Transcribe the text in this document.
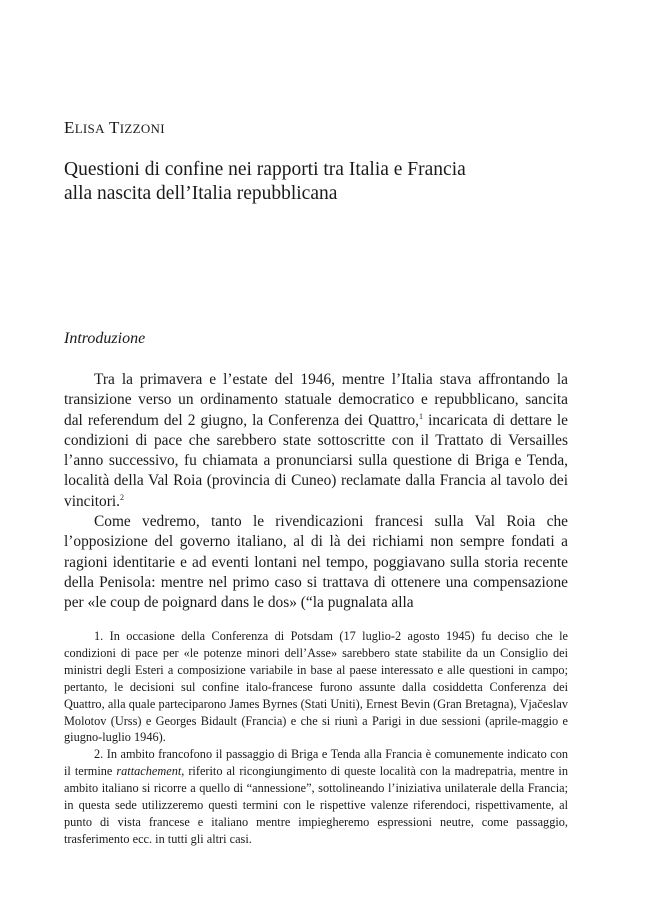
ELISA TIZZONI
Questioni di confine nei rapporti tra Italia e Francia
alla nascita dell’Italia repubblicana
Introduzione

Tra la primavera e l’estate del 1946, mentre l’Italia stava affrontando la transizione verso un ordinamento statuale democratico e repubblicano, sancita dal referendum del 2 giugno, la Conferenza dei Quattro,$^1$ incaricata di dettare le condizioni di pace che sarebbero state sottoscritte con il Trattato di Versailles l’anno successivo, fu chiamata a pronunciarsi sulla questione di Briga e Tenda, località della Val Roia (provincia di Cuneo) reclamate dalla Francia al tavolo dei vincitori.$^2$

Come vedremo, tanto le rivendicazioni francesi sulla Val Roia che l’opposizione del governo italiano, al di là dei richiami non sempre fondati a ragioni identitarie e ad eventi lontani nel tempo, poggiavano sulla storia recente della Penisola: mentre nel primo caso si trattava di ottenere una compensazione per «le coup de poignard dans le dos» (“la pugnalata alla

1. In occasione della Conferenza di Potsdam (17 luglio-2 agosto 1945) fu deciso che le condizioni di pace per «le potenze minori dell’Asse» sarebbero state stabilite da un Consiglio dei ministri degli Esteri a composizione variabile in base al paese interessato e alle questioni in campo; pertanto, le decisioni sul confine italo-francese furono assunte dalla cosiddetta Conferenza dei Quattro, alla quale parteciparono James Byrnes (Stati Uniti), Ernest Bevin (Gran Bretagna), Vjačeslav Molotov (Urss) e Georges Bidault (Francia) e che si riunì a Parigi in due sessioni (aprile-maggio e giugno-luglio 1946).

2. In ambito francofono il passaggio di Briga e Tenda alla Francia è comunemente indicato con il termine rattachement, riferito al ricongiungimento di queste località con la madrepatria, mentre in ambito italiano si ricorre a quello di “annessione”, sottolineando l’iniziativa unilaterale della Francia; in questa sede utilizzeremo questi termini con le rispettive valenze riferendoci, rispettivamente, al punto di vista francese e italiano mentre impiegheremo espressioni neutre, come passaggio, trasferimento ecc. in tutti gli altri casi.
